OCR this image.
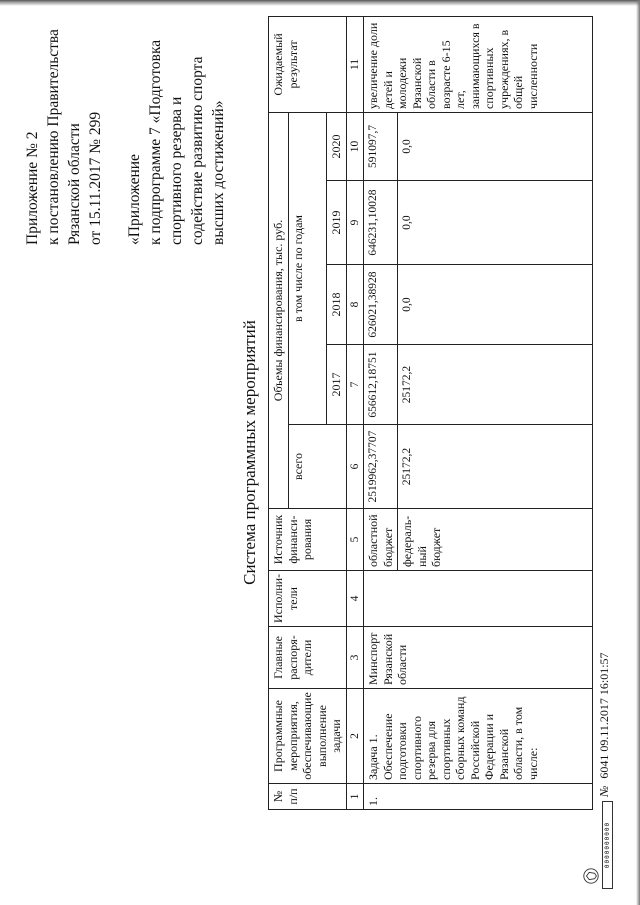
Приложение № 2 к постановлению Правительства Рязанской области от 15.11.2017 № 299 «Приложение к подпрограмме 7 «Подготовка спортивного резерва и содействие развитию спорта высших достижений»

Система программных мероприятий
№ п/п	Программные мероприятия, обеспечивающие выполнение задачи	Главные распоря-дители	Исполни-тели	Источник финанси-рования	Объемы финансирования, тыс. руб.					Ожидаемый результат
					всего	в том числе по годам				
						2017	2018	2019	2020	
1	2	3	4	5	6	7	8	9	10	11
1.	Задача 1. Обеспечение подготовки спортивного резерва для спортивных сборных команд Российской Федерации и Рязанской области, в том числе:	Минспорт Рязанской области		областной бюджет	2519962,37707	656612,18751	626021,38928	646231,10028	591097,7	увеличение доли детей и молодежи Рязанской области в возрасте 6-15 лет, занимающихся в спортивных учреждениях, в общей численности
				федераль-ный бюджет	25172,2	25172,2	0,0	0,0	0,0	
0000000000
№ 6041 09.11.2017 16:01:57
